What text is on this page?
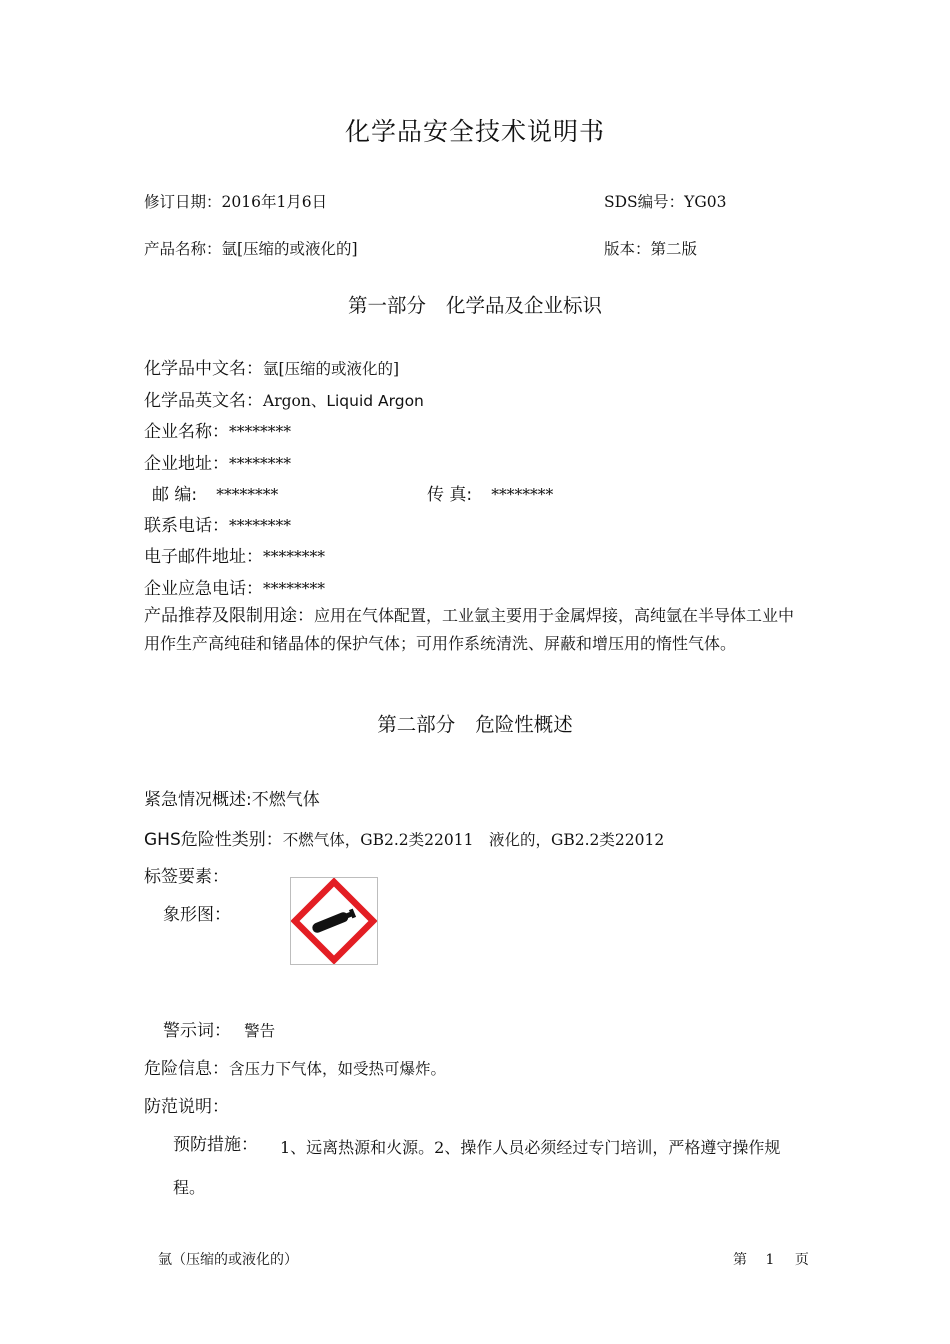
化学品安全技术说明书
修订日期：2016年1月6日	SDS编号：YG03
产品名称：氩[压缩的或液化的]	版本：第二版
第一部分 化学品及企业标识
化学品中文名：氩[压缩的或液化的]
化学品英文名：Argon、Liquid Argon
企业名称：********
企业地址：********
邮 编: ********	传 真: ********
联系电话：********
电子邮件地址：********
企业应急电话：********
产品推荐及限制用途：应用在气体配置，工业氩主要用于金属焊接，高纯氩在半导体工业中用作生产高纯硅和锗晶体的保护气体；可用作系统清洗、屏蔽和增压用的惰性气体。
第二部分 危险性概述
紧急情况概述:不燃气体
GHS危险性类别：不燃气体，GB2.2类22011　液化的，GB2.2类22012
标签要素：
象形图：
警示词： 警告
危险信息：含压力下气体，如受热可爆炸。
防范说明：
预防措施：	1、远离热源和火源。2、操作人员必须经过专门培训，严格遵守操作规程。
氩（压缩的或液化的）	第 1 页
